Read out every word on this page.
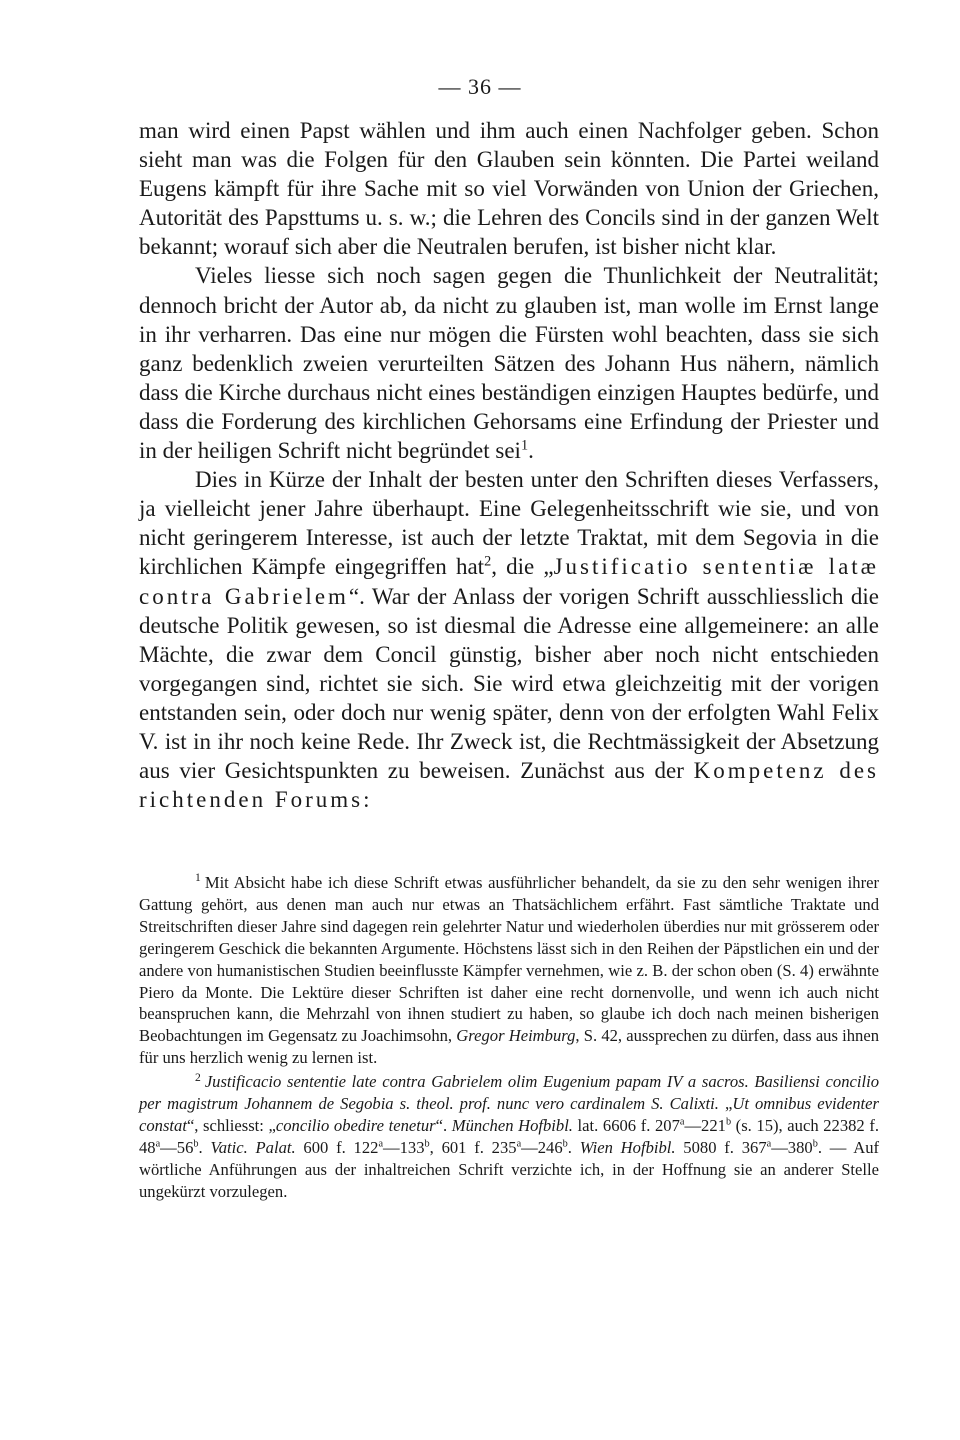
— 36 —

man wird einen Papst wählen und ihm auch einen Nachfolger geben. Schon sieht man was die Folgen für den Glauben sein könnten. Die Partei weiland Eugens kämpft für ihre Sache mit so viel Vorwänden von Union der Griechen, Autorität des Papsttums u. s. w.; die Lehren des Concils sind in der ganzen Welt bekannt; worauf sich aber die Neutralen berufen, ist bisher nicht klar.

Vieles liesse sich noch sagen gegen die Thunlichkeit der Neutralität; dennoch bricht der Autor ab, da nicht zu glauben ist, man wolle im Ernst lange in ihr verharren. Das eine nur mögen die Fürsten wohl beachten, dass sie sich ganz bedenklich zweien verurteilten Sätzen des Johann Hus nähern, nämlich dass die Kirche durchaus nicht eines beständigen einzigen Hauptes bedürfe, und dass die Forderung des kirchlichen Gehorsams eine Erfindung der Priester und in der heiligen Schrift nicht begründet sei$^1$.

Dies in Kürze der Inhalt der besten unter den Schriften dieses Verfassers, ja vielleicht jener Jahre überhaupt. Eine Gelegenheitsschrift wie sie, und von nicht geringerem Interesse, ist auch der letzte Traktat, mit dem Segovia in die kirchlichen Kämpfe eingegriffen hat$^2$, die „Justificatio sententiæ latæ contra Gabrielem“. War der Anlass der vorigen Schrift ausschliesslich die deutsche Politik gewesen, so ist diesmal die Adresse eine allgemeinere: an alle Mächte, die zwar dem Concil günstig, bisher aber noch nicht entschieden vorgegangen sind, richtet sie sich. Sie wird etwa gleichzeitig mit der vorigen entstanden sein, oder doch nur wenig später, denn von der erfolgten Wahl Felix V. ist in ihr noch keine Rede. Ihr Zweck ist, die Rechtmässigkeit der Absetzung aus vier Gesichtspunkten zu beweisen. Zunächst aus der Kompetenz des richtenden Forums:

$^1$ Mit Absicht habe ich diese Schrift etwas ausführlicher behandelt, da sie zu den sehr wenigen ihrer Gattung gehört, aus denen man auch nur etwas an Thatsächlichem erfährt. Fast sämtliche Traktate und Streitschriften dieser Jahre sind dagegen rein gelehrter Natur und wiederholen überdies nur mit grösserem oder geringerem Geschick die bekannten Argumente. Höchstens lässt sich in den Reihen der Päpstlichen ein und der andere von humanistischen Studien beeinflusste Kämpfer vernehmen, wie z. B. der schon oben (S. 4) erwähnte Piero da Monte. Die Lektüre dieser Schriften ist daher eine recht dornenvolle, und wenn ich auch nicht beanspruchen kann, die Mehrzahl von ihnen studiert zu haben, so glaube ich doch nach meinen bisherigen Beobachtungen im Gegensatz zu Joachimsohn, Gregor Heimburg, S. 42, aussprechen zu dürfen, dass aus ihnen für uns herzlich wenig zu lernen ist.

$^2$ Justificacio sententie late contra Gabrielem olim Eugenium papam IV a sacros. Basiliensi concilio per magistrum Johannem de Segobia s. theol. prof. nunc vero cardinalem S. Calixti. „Ut omnibus evidenter constat“, schliesst: „concilio obedire tenetur“. München Hofbibl. lat. 6606 f. 207$^a$—221$^b$ (s. 15), auch 22382 f. 48$^a$—56$^b$. Vatic. Palat. 600 f. 122$^a$—133$^b$, 601 f. 235$^a$—246$^b$. Wien Hofbibl. 5080 f. 367$^a$—380$^b$. — Auf wörtliche Anführungen aus der inhaltreichen Schrift verzichte ich, in der Hoffnung sie an anderer Stelle ungekürzt vorzulegen.
